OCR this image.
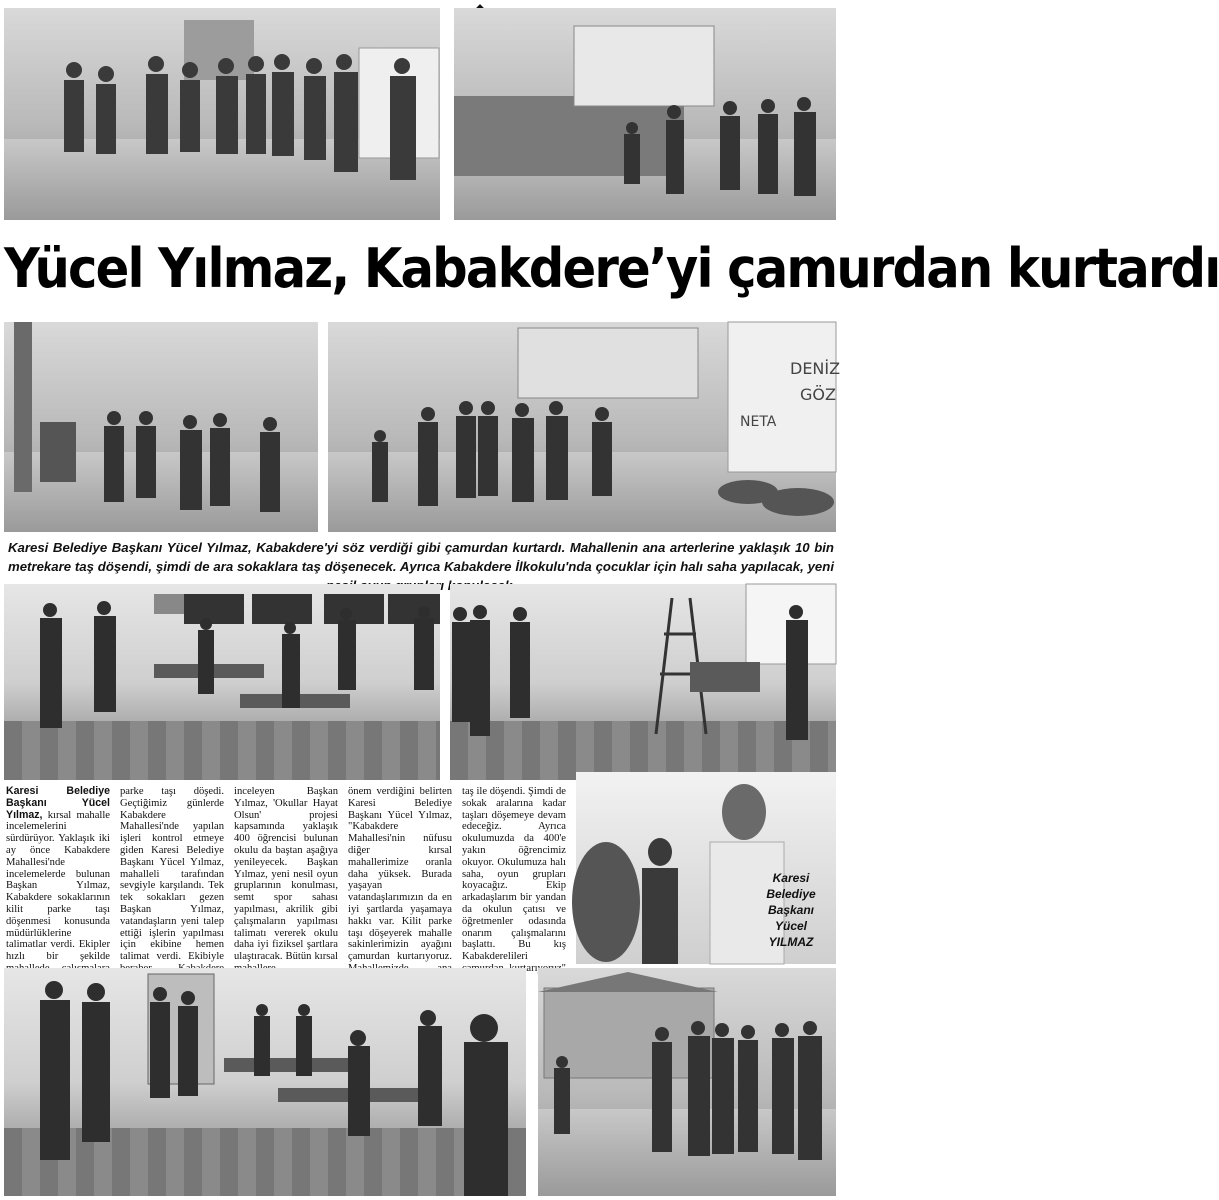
Yücel Yılmaz, Kabakdere’yi çamurdan kurtardı
DENİZ
GÖZ
NETA
Karesi Belediye Başkanı Yücel Yılmaz, Kabakdere'yi söz verdiği gibi çamurdan kurtardı. Mahallenin ana arterlerine yaklaşık 10 bin metrekare taş döşendi, şimdi de ara sokaklara taş döşenecek. Ayrıca Kabakdere İlkokulu'nda çocuklar için halı saha yapılacak, yeni
Karesi Belediye Başkanı Yücel Yılmaz, kırsal mahalle incelemelerini sürdürüyor. Yaklaşık iki ay önce Kabakdere Mahallesi'nde incelemelerde bulunan Başkan Yılmaz, Kabakdere sokaklarının kilit parke taşı döşenmesi konusunda müdürlüklerine talimatlar verdi. Ekipler hızlı bir şekilde
parke taşı döşedi. Geçtiğimiz günlerde Kabakdere Mahallesi'nde yapılan işleri kontrol etmeye giden Karesi Belediye Başkanı Yücel Yılmaz, mahalleli tarafından sevgiyle karşılandı. Tek tek sokakları gezen Başkan Yılmaz, vatandaşların yeni talep ettiği işlerin yapılması için ekibine hemen talimat verdi. Ekibiyle
inceleyen Başkan Yılmaz, 'Okullar Hayat Olsun' projesi kapsamında yaklaşık 400 öğrencisi bulunan okulu da baştan aşağıya yenileyecek. Başkan Yılmaz, yeni nesil oyun gruplarının konulması, semt spor sahası yapılması, akrilik gibi çalışmaların yapılması talimatı vererek okulu daha iyi fiziksel şartlara ulaştıracak. Bütün kırsal
önem verdiğini belirten Karesi Belediye Başkanı Yücel Yılmaz, "Kabakdere Mahallesi'nin nüfusu diğer kırsal mahallerimize oranla daha yüksek. Burada yaşayan vatandaşlarımızın da en iyi şartlarda yaşamaya hakkı var. Kilit parke taşı döşeyerek mahalle sakinlerimizin ayağını çamurdan kurtarıyoruz.
taş ile döşendi. Şimdi de sokak aralarına kadar taşları döşemeye devam edeceğiz. Ayrıca okulumuzda da 400'e yakın öğrencimiz okuyor. Okulumuza halı saha, oyun grupları koyacağız. Ekip arkadaşlarım bir yandan da okulun çatısı ve öğretmenler odasında onarım çalışmalarını başlattı. Bu kış Kabakderelileri
Karesi
Belediye
Başkanı
Yücel
YILMAZ
